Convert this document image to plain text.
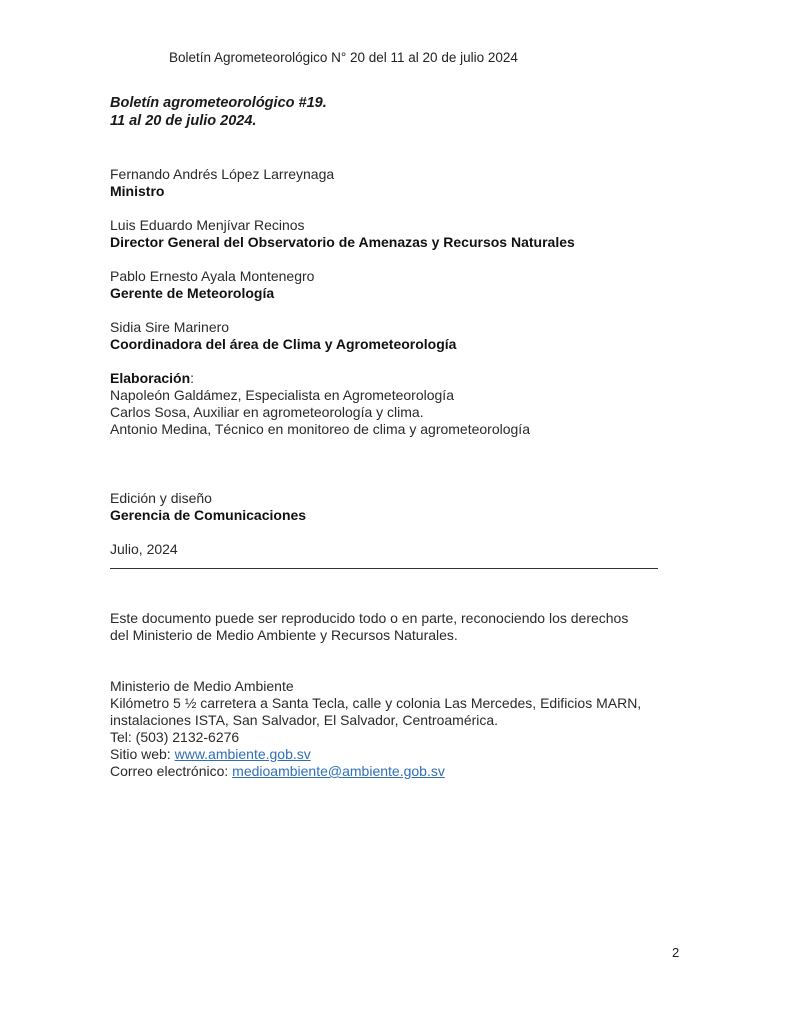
Boletín Agrometeorológico N° 20 del 11 al 20 de julio 2024
Boletín agrometeorológico #19.
11 al 20 de julio 2024.
Fernando Andrés López Larreynaga
Ministro
Luis Eduardo Menjívar Recinos
Director General del Observatorio de Amenazas y Recursos Naturales
Pablo Ernesto Ayala Montenegro
Gerente de Meteorología
Sidia Sire Marinero
Coordinadora del área de Clima y Agrometeorología
Elaboración:
Napoleón Galdámez, Especialista en Agrometeorología
Carlos Sosa, Auxiliar en agrometeorología y clima.
Antonio Medina, Técnico en monitoreo de clima y agrometeorología
Edición y diseño
Gerencia de Comunicaciones
Julio, 2024
Este documento puede ser reproducido todo o en parte, reconociendo los derechos
del Ministerio de Medio Ambiente y Recursos Naturales.
Ministerio de Medio Ambiente
Kilómetro 5 ½ carretera a Santa Tecla, calle y colonia Las Mercedes, Edificios MARN,
instalaciones ISTA, San Salvador, El Salvador, Centroamérica.
Tel: (503) 2132-6276
Sitio web: www.ambiente.gob.sv
Correo electrónico: medioambiente@ambiente.gob.sv
2
